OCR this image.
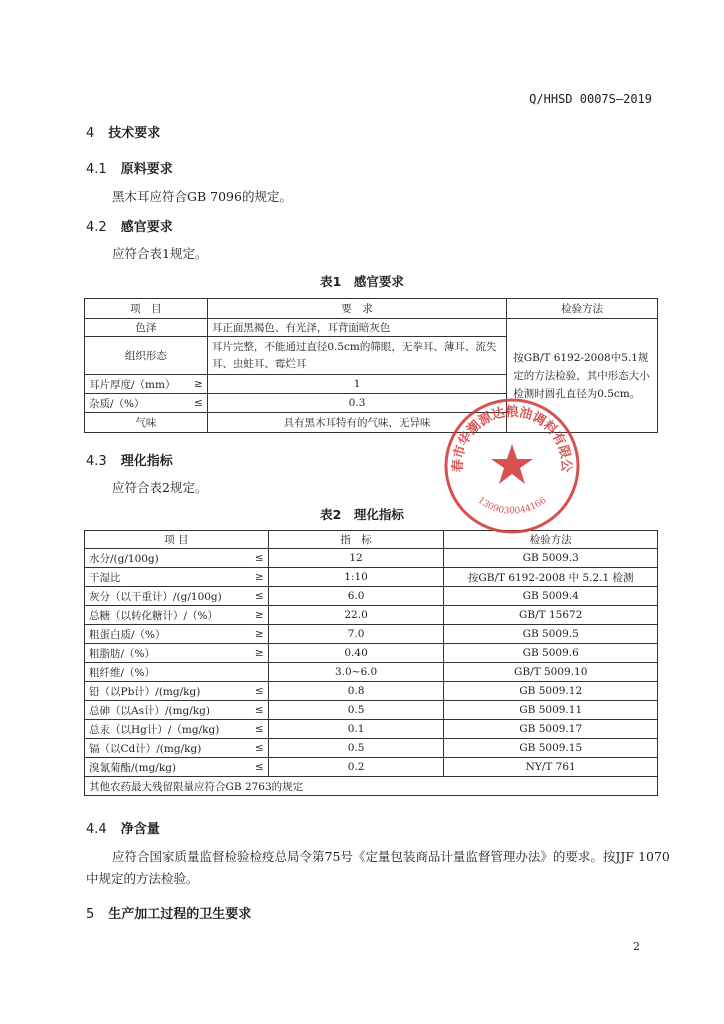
Q/HHSD 0007S—2019
4 技术要求
4.1 原料要求
黑木耳应符合GB 7096的规定。
4.2 感官要求
应符合表1规定。
表1　感官要求
项　目	要　求	检验方法
色泽	耳正面黑褐色、有光泽，耳背面暗灰色	按GB/T 6192-2008中5.1规定的方法检验，其中形态大小检测时圆孔直径为0.5cm。
组织形态	耳片完整，不能通过直径0.5cm的筛眼，无拳耳、薄耳、流失耳、虫蛀耳、霉烂耳	

耳片厚度/（mm） ≥	1	

杂质/（%） ≤	0.3	
气味	具有黑木耳特有的气味，无异味	
4.3 理化指标
应符合表2规定。
表2　理化指标
项 目	指　标	检验方法

水分/(g/100g) ≤	12	GB 5009.3

干湿比 ≥	1:10	按GB/T 6192-2008 中 5.2.1 检测

灰分（以干重计）/(g/100g) ≤	6.0	GB 5009.4

总糖（以转化糖计）/（%） ≥	22.0	GB/T 15672

粗蛋白质/（%） ≥	7.0	GB 5009.5

粗脂肪/（%） ≥	0.40	GB 5009.6

粗纤维/（%）	3.0~6.0	GB/T 5009.10

铅（以Pb计）/(mg/kg) ≤	0.8	GB 5009.12

总砷（以As计）/(mg/kg) ≤	0.5	GB 5009.11

总汞（以Hg计）/（mg/kg) ≤	0.1	GB 5009.17

镉（以Cd计）/(mg/kg) ≤	0.5	GB 5009.15

溴氰菊酯/(mg/kg) ≤	0.2	NY/T 761
其他农药最大残留限量应符合GB 2763的规定		
4.4 净含量
应符合国家质量监督检验检疫总局令第75号《定量包装商品计量监督管理办法》的要求。按JJF 1070
中规定的方法检验。
5 生产加工过程的卫生要求
2
春市华潮源达粮油调料有限公
1309030044166
